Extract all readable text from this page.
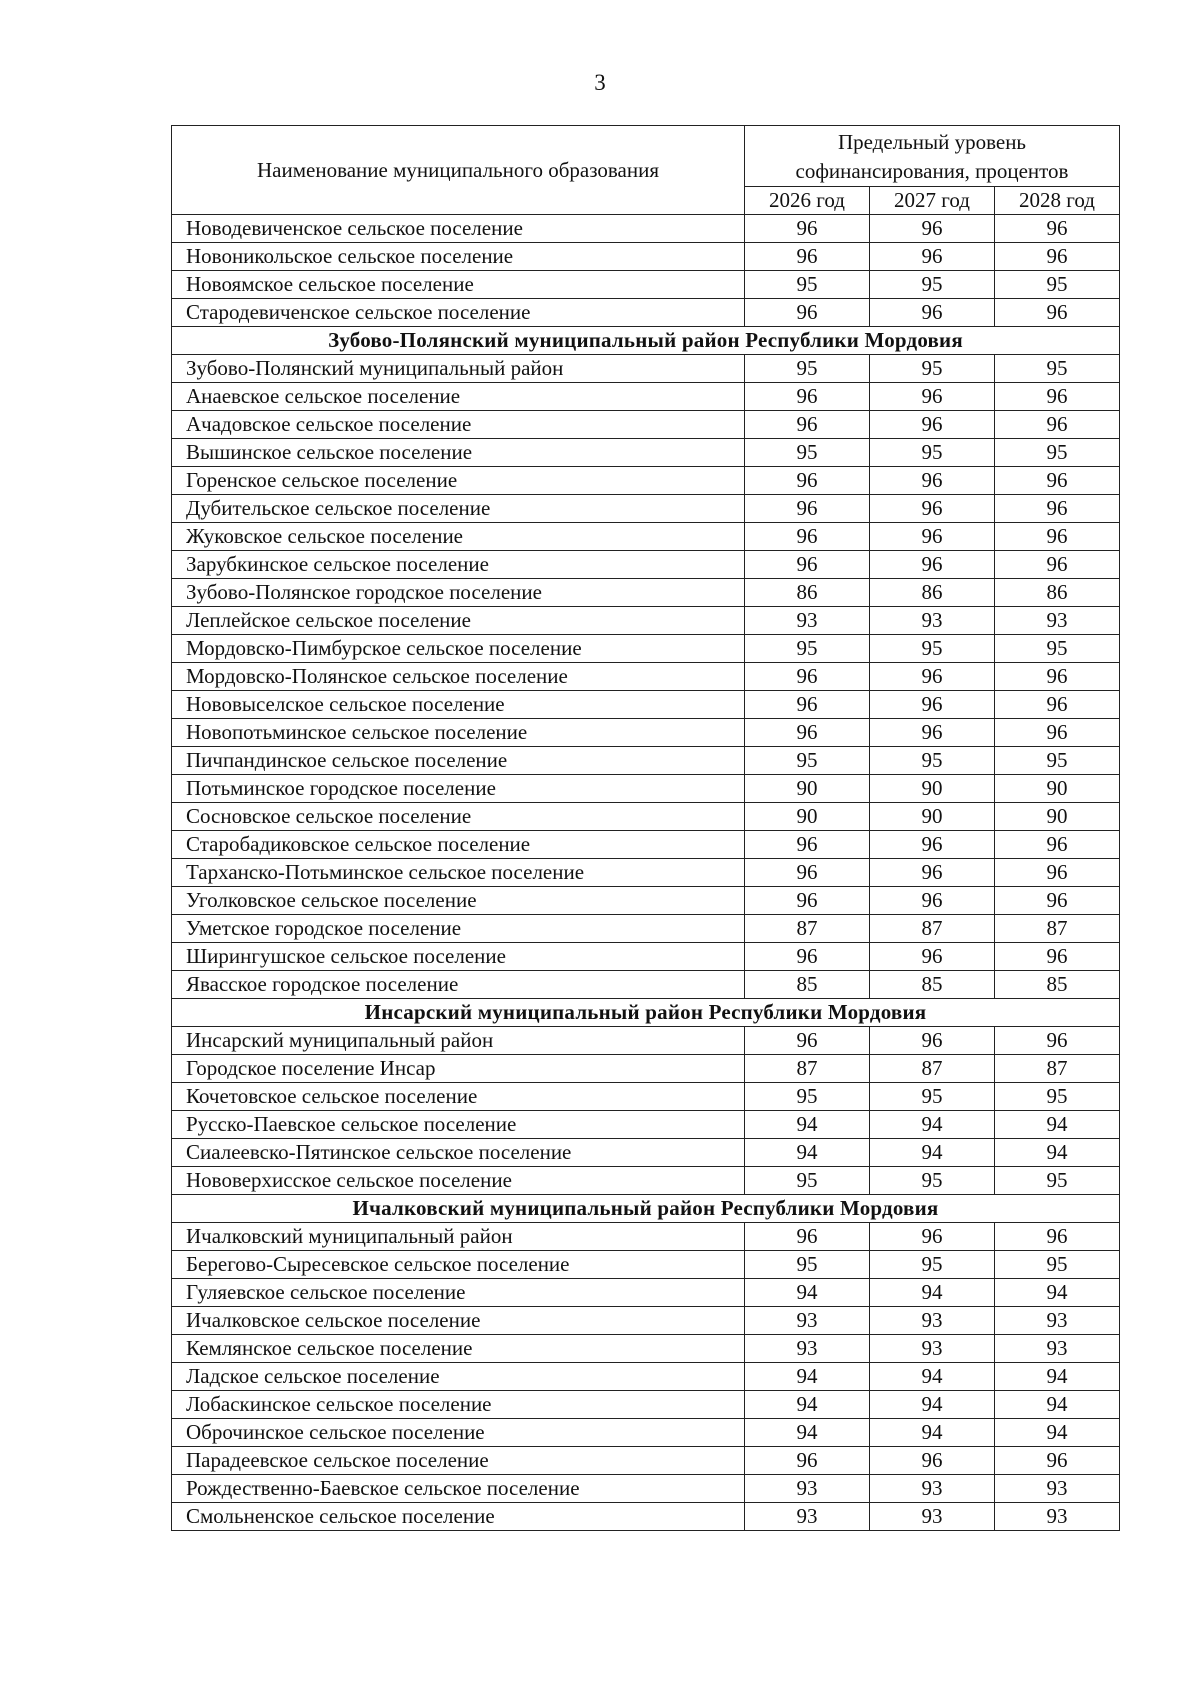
3
Наименование муниципального образования	Предельный уровень софинансирования, процентов		
	2026 год	2027 год	2028 год
Новодевиченское сельское поселение	96	96	96
Новоникольское сельское поселение	96	96	96
Новоямское сельское поселение	95	95	95
Стародевиченское сельское поселение	96	96	96
Зубово-Полянский муниципальный район Республики Мордовия			
Зубово-Полянский муниципальный район	95	95	95
Анаевское сельское поселение	96	96	96
Ачадовское сельское поселение	96	96	96
Вышинское сельское поселение	95	95	95
Горенское сельское поселение	96	96	96
Дубительское сельское поселение	96	96	96
Жуковское сельское поселение	96	96	96
Зарубкинское сельское поселение	96	96	96
Зубово-Полянское городское поселение	86	86	86
Леплейское сельское поселение	93	93	93
Мордовско-Пимбурское сельское поселение	95	95	95
Мордовско-Полянское сельское поселение	96	96	96
Нововыселское сельское поселение	96	96	96
Новопотьминское сельское поселение	96	96	96
Пичпандинское сельское поселение	95	95	95
Потьминское городское поселение	90	90	90
Сосновское сельское поселение	90	90	90
Старобадиковское сельское поселение	96	96	96
Тарханско-Потьминское сельское поселение	96	96	96
Уголковское сельское поселение	96	96	96
Уметское городское поселение	87	87	87
Ширингушское сельское поселение	96	96	96
Явасское городское поселение	85	85	85
Инсарский муниципальный район Республики Мордовия			
Инсарский муниципальный район	96	96	96
Городское поселение Инсар	87	87	87
Кочетовское сельское поселение	95	95	95
Русско-Паевское сельское поселение	94	94	94
Сиалеевско-Пятинское сельское поселение	94	94	94
Нововерхисское сельское поселение	95	95	95
Ичалковский муниципальный район Республики Мордовия			
Ичалковский муниципальный район	96	96	96
Берегово-Сыресевское сельское поселение	95	95	95
Гуляевское сельское поселение	94	94	94
Ичалковское сельское поселение	93	93	93
Кемлянское сельское поселение	93	93	93
Ладское сельское поселение	94	94	94
Лобаскинское сельское поселение	94	94	94
Оброчинское сельское поселение	94	94	94
Парадеевское сельское поселение	96	96	96
Рождественно-Баевское сельское поселение	93	93	93
Смольненское сельское поселение	93	93	93
